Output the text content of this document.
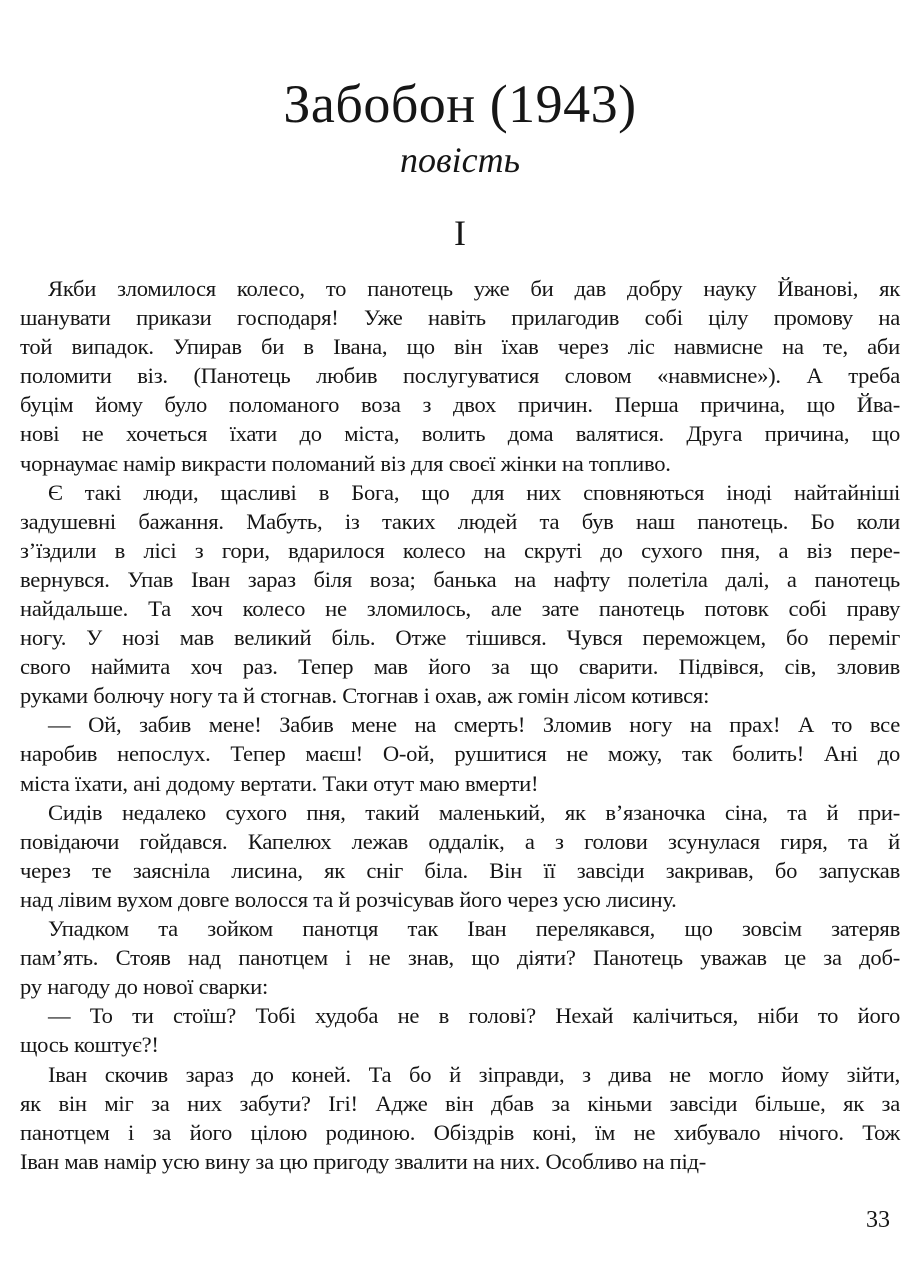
Забобон (1943)
повість
I
Якби зломилося колесо, то панотець уже би дав добру науку Йванові, як
шанувати прикази господаря! Уже навіть прилагодив собі цілу промову на
той випадок. Упирав би в Івана, що він їхав через ліс навмисне на те, аби
поломити віз. (Панотець любив послугуватися словом «навмисне»). А треба
буцім йому було поломаного воза з двох причин. Перша причина, що Йва-
нові не хочеться їхати до міста, волить дома валятися. Друга причина, що
чорнаумає намір викрасти поломаний віз для своєї жінки на топливо.
Є такі люди, щасливі в Бога, що для них сповняються іноді найтайніші
задушевні бажання. Мабуть, із таких людей та був наш панотець. Бо коли
з’їздили в лісі з гори, вдарилося колесо на скруті до сухого пня, а віз пере-
вернувся. Упав Іван зараз біля воза; банька на нафту полетіла далі, а панотець
найдальше. Та хоч колесо не зломилось, але зате панотець потовк собі праву
ногу. У нозі мав великий біль. Отже тішився. Чувся переможцем, бо переміг
свого наймита хоч раз. Тепер мав його за що сварити. Підвівся, сів, зловив
руками болючу ногу та й стогнав. Стогнав і охав, аж гомін лісом котився:
— Ой, забив мене! Забив мене на смерть! Зломив ногу на прах! А то все
наробив непослух. Тепер маєш! О-ой, рушитися не можу, так болить! Ані до
міста їхати, ані додому вертати. Таки отут маю вмерти!
Сидів недалеко сухого пня, такий маленький, як в’язаночка сіна, та й при-
повідаючи гойдався. Капелюх лежав оддалік, а з голови зсунулася гиря, та й
через те заясніла лисина, як сніг біла. Він її завсіди закривав, бо запускав
над лівим вухом довге волосся та й розчісував його через усю лисину.
Упадком та зойком панотця так Іван перелякався, що зовсім затеряв
пам’ять. Стояв над панотцем і не знав, що діяти? Панотець уважав це за доб-
ру нагоду до нової сварки:
— То ти стоїш? Тобі худоба не в голові? Нехай калічиться, ніби то його
щось коштує?!
Іван скочив зараз до коней. Та бо й зіправди, з дива не могло йому зійти,
як він міг за них забути? Ігі! Адже він дбав за кіньми завсіди більше, як за
панотцем і за його цілою родиною. Обіздрів коні, їм не хибувало нічого. Тож
Іван мав намір усю вину за цю пригоду звалити на них. Особливо на під-
33
